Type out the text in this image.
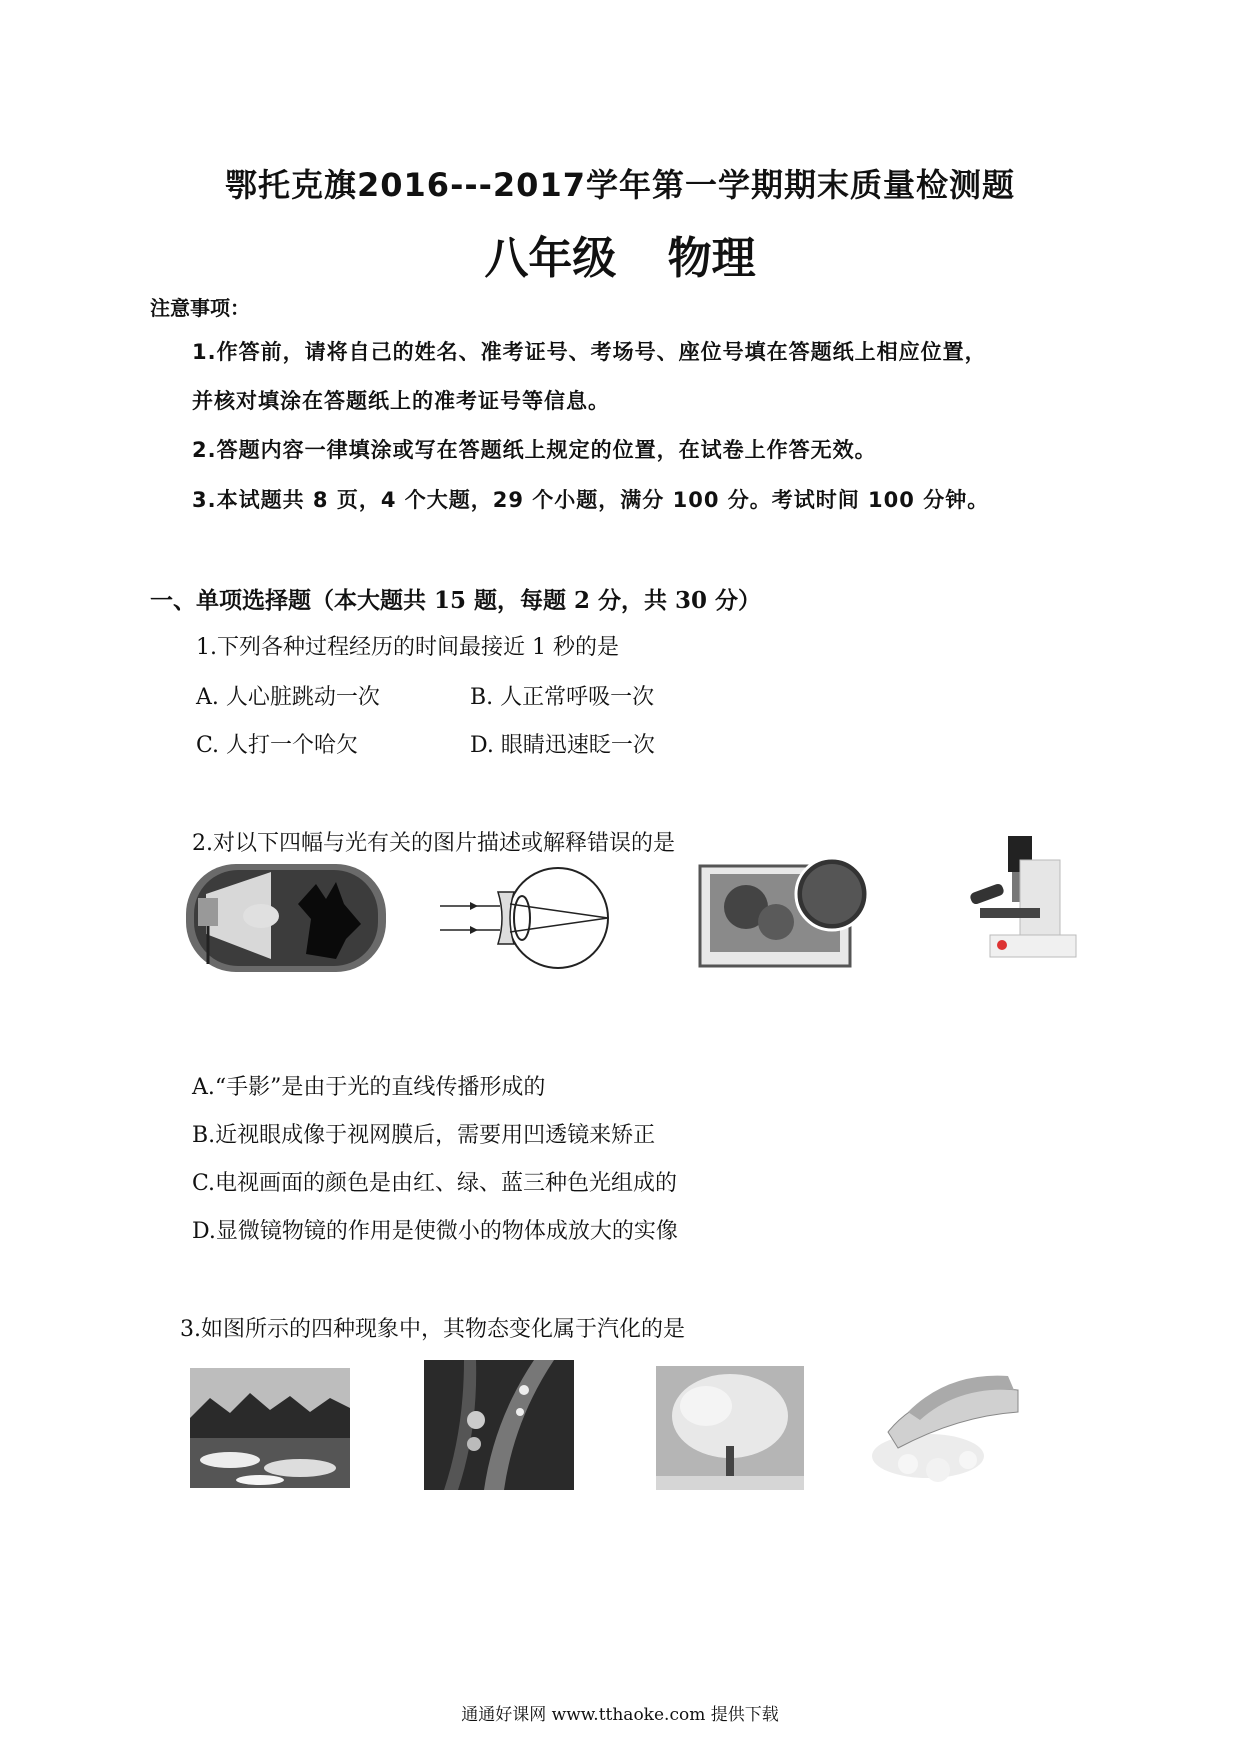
鄂托克旗2016---2017学年第一学期期末质量检测题
八年级 物理
注意事项：
1.作答前，请将自己的姓名、准考证号、考场号、座位号填在答题纸上相应位置，
并核对填涂在答题纸上的准考证号等信息。
2.答题内容一律填涂或写在答题纸上规定的位置，在试卷上作答无效。
3.本试题共 8 页，4 个大题，29 个小题，满分 100 分。考试时间 100 分钟。
一、单项选择题（本大题共 15 题，每题 2 分，共 30 分）
1.下列各种过程经历的时间最接近 1 秒的是
A. 人心脏跳动一次	B. 人正常呼吸一次
C. 人打一个哈欠	D. 眼睛迅速眨一次
2.对以下四幅与光有关的图片描述或解释错误的是
A.“手影”是由于光的直线传播形成的
B.近视眼成像于视网膜后，需要用凹透镜来矫正
C.电视画面的颜色是由红、绿、蓝三种色光组成的
D.显微镜物镜的作用是使微小的物体成放大的实像
3.如图所示的四种现象中，其物态变化属于汽化的是
通通好课网 www.tthaoke.com 提供下载
